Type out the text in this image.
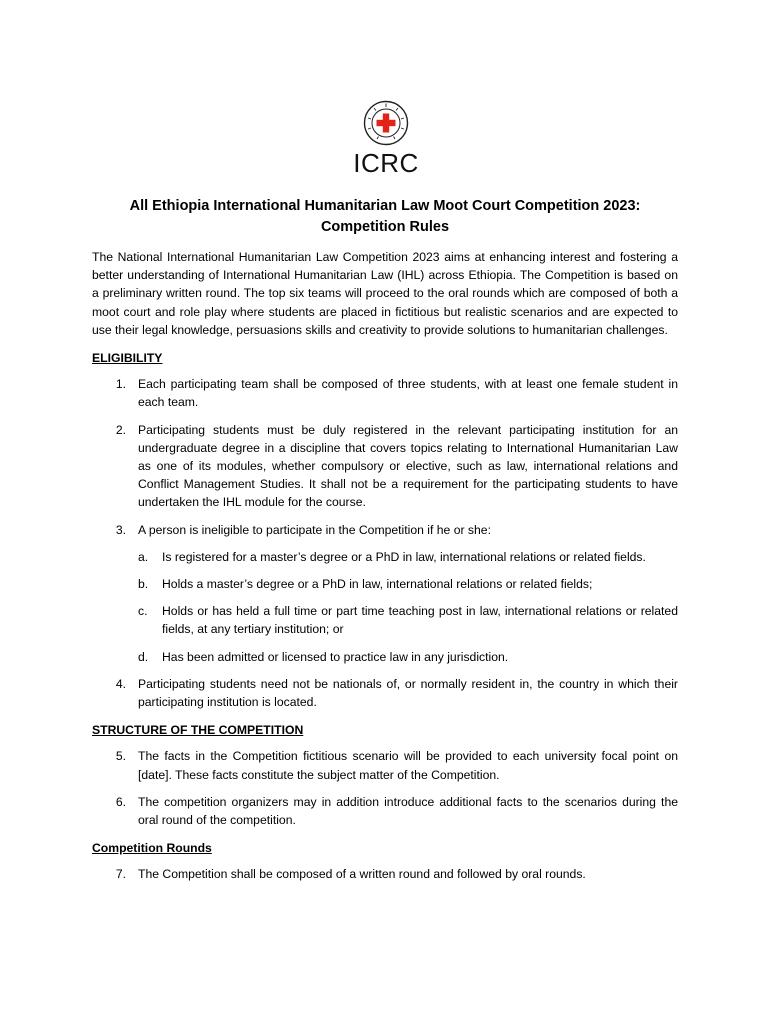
ICRC
All Ethiopia International Humanitarian Law Moot Court Competition 2023:
Competition Rules

The National International Humanitarian Law Competition 2023 aims at enhancing interest and fostering a better understanding of International Humanitarian Law (IHL) across Ethiopia. The Competition is based on a preliminary written round. The top six teams will proceed to the oral rounds which are composed of both a moot court and role play where students are placed in fictitious but realistic scenarios and are expected to use their legal knowledge, persuasions skills and creativity to provide solutions to humanitarian challenges.

ELIGIBILITY
1. Each participating team shall be composed of three students, with at least one female student in each team.
2. Participating students must be duly registered in the relevant participating institution for an undergraduate degree in a discipline that covers topics relating to International Humanitarian Law as one of its modules, whether compulsory or elective, such as law, international relations and Conflict Management Studies. It shall not be a requirement for the participating students to have undertaken the IHL module for the course.
3. A person is ineligible to participate in the Competition if he or she:
a.	Is registered for a master’s degree or a PhD in law, international relations or related fields.
b.	Holds a master’s degree or a PhD in law, international relations or related fields;
c.	Holds or has held a full time or part time teaching post in law, international relations or related fields, at any tertiary institution; or
d.	Has been admitted or licensed to practice law in any jurisdiction.
4. Participating students need not be nationals of, or normally resident in, the country in which their participating institution is located.
STRUCTURE OF THE COMPETITION
5. The facts in the Competition fictitious scenario will be provided to each university focal point on [date]. These facts constitute the subject matter of the Competition.
6. The competition organizers may in addition introduce additional facts to the scenarios during the oral round of the competition.
Competition Rounds
7. The Competition shall be composed of a written round and followed by oral rounds.
